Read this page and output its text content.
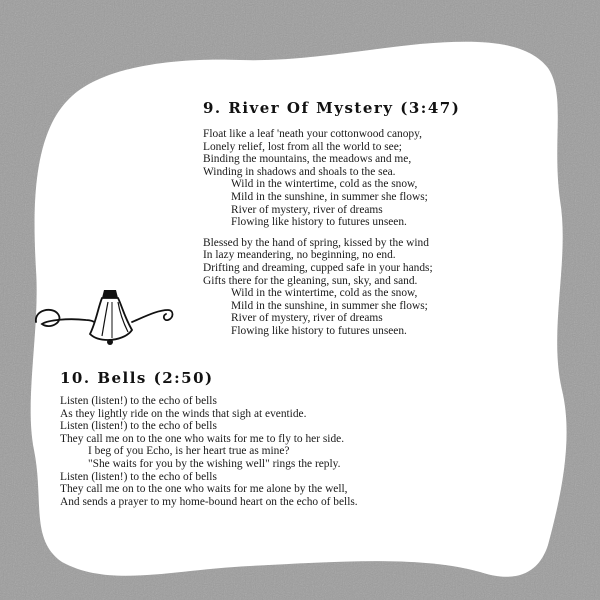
9. River Of Mystery (3:47)
Float like a leaf 'neath your cottonwood canopy,
Lonely relief, lost from all the world to see;
Binding the mountains, the meadows and me,
Winding in shadows and shoals to the sea.
Wild in the wintertime, cold as the snow,
Mild in the sunshine, in summer she flows;
River of mystery, river of dreams
Flowing like history to futures unseen.
Blessed by the hand of spring, kissed by the wind
In lazy meandering, no beginning, no end.
Drifting and dreaming, cupped safe in your hands;
Gifts there for the gleaning, sun, sky, and sand.
Wild in the wintertime, cold as the snow,
Mild in the sunshine, in summer she flows;
River of mystery, river of dreams
Flowing like history to futures unseen.
10. Bells (2:50)
Listen (listen!) to the echo of bells
As they lightly ride on the winds that sigh at eventide.
Listen (listen!) to the echo of bells
They call me on to the one who waits for me to fly to her side.
I beg of you Echo, is her heart true as mine?
"She waits for you by the wishing well" rings the reply.
Listen (listen!) to the echo of bells
They call me on to the one who waits for me alone by the well,
And sends a prayer to my home-bound heart on the echo of bells.
